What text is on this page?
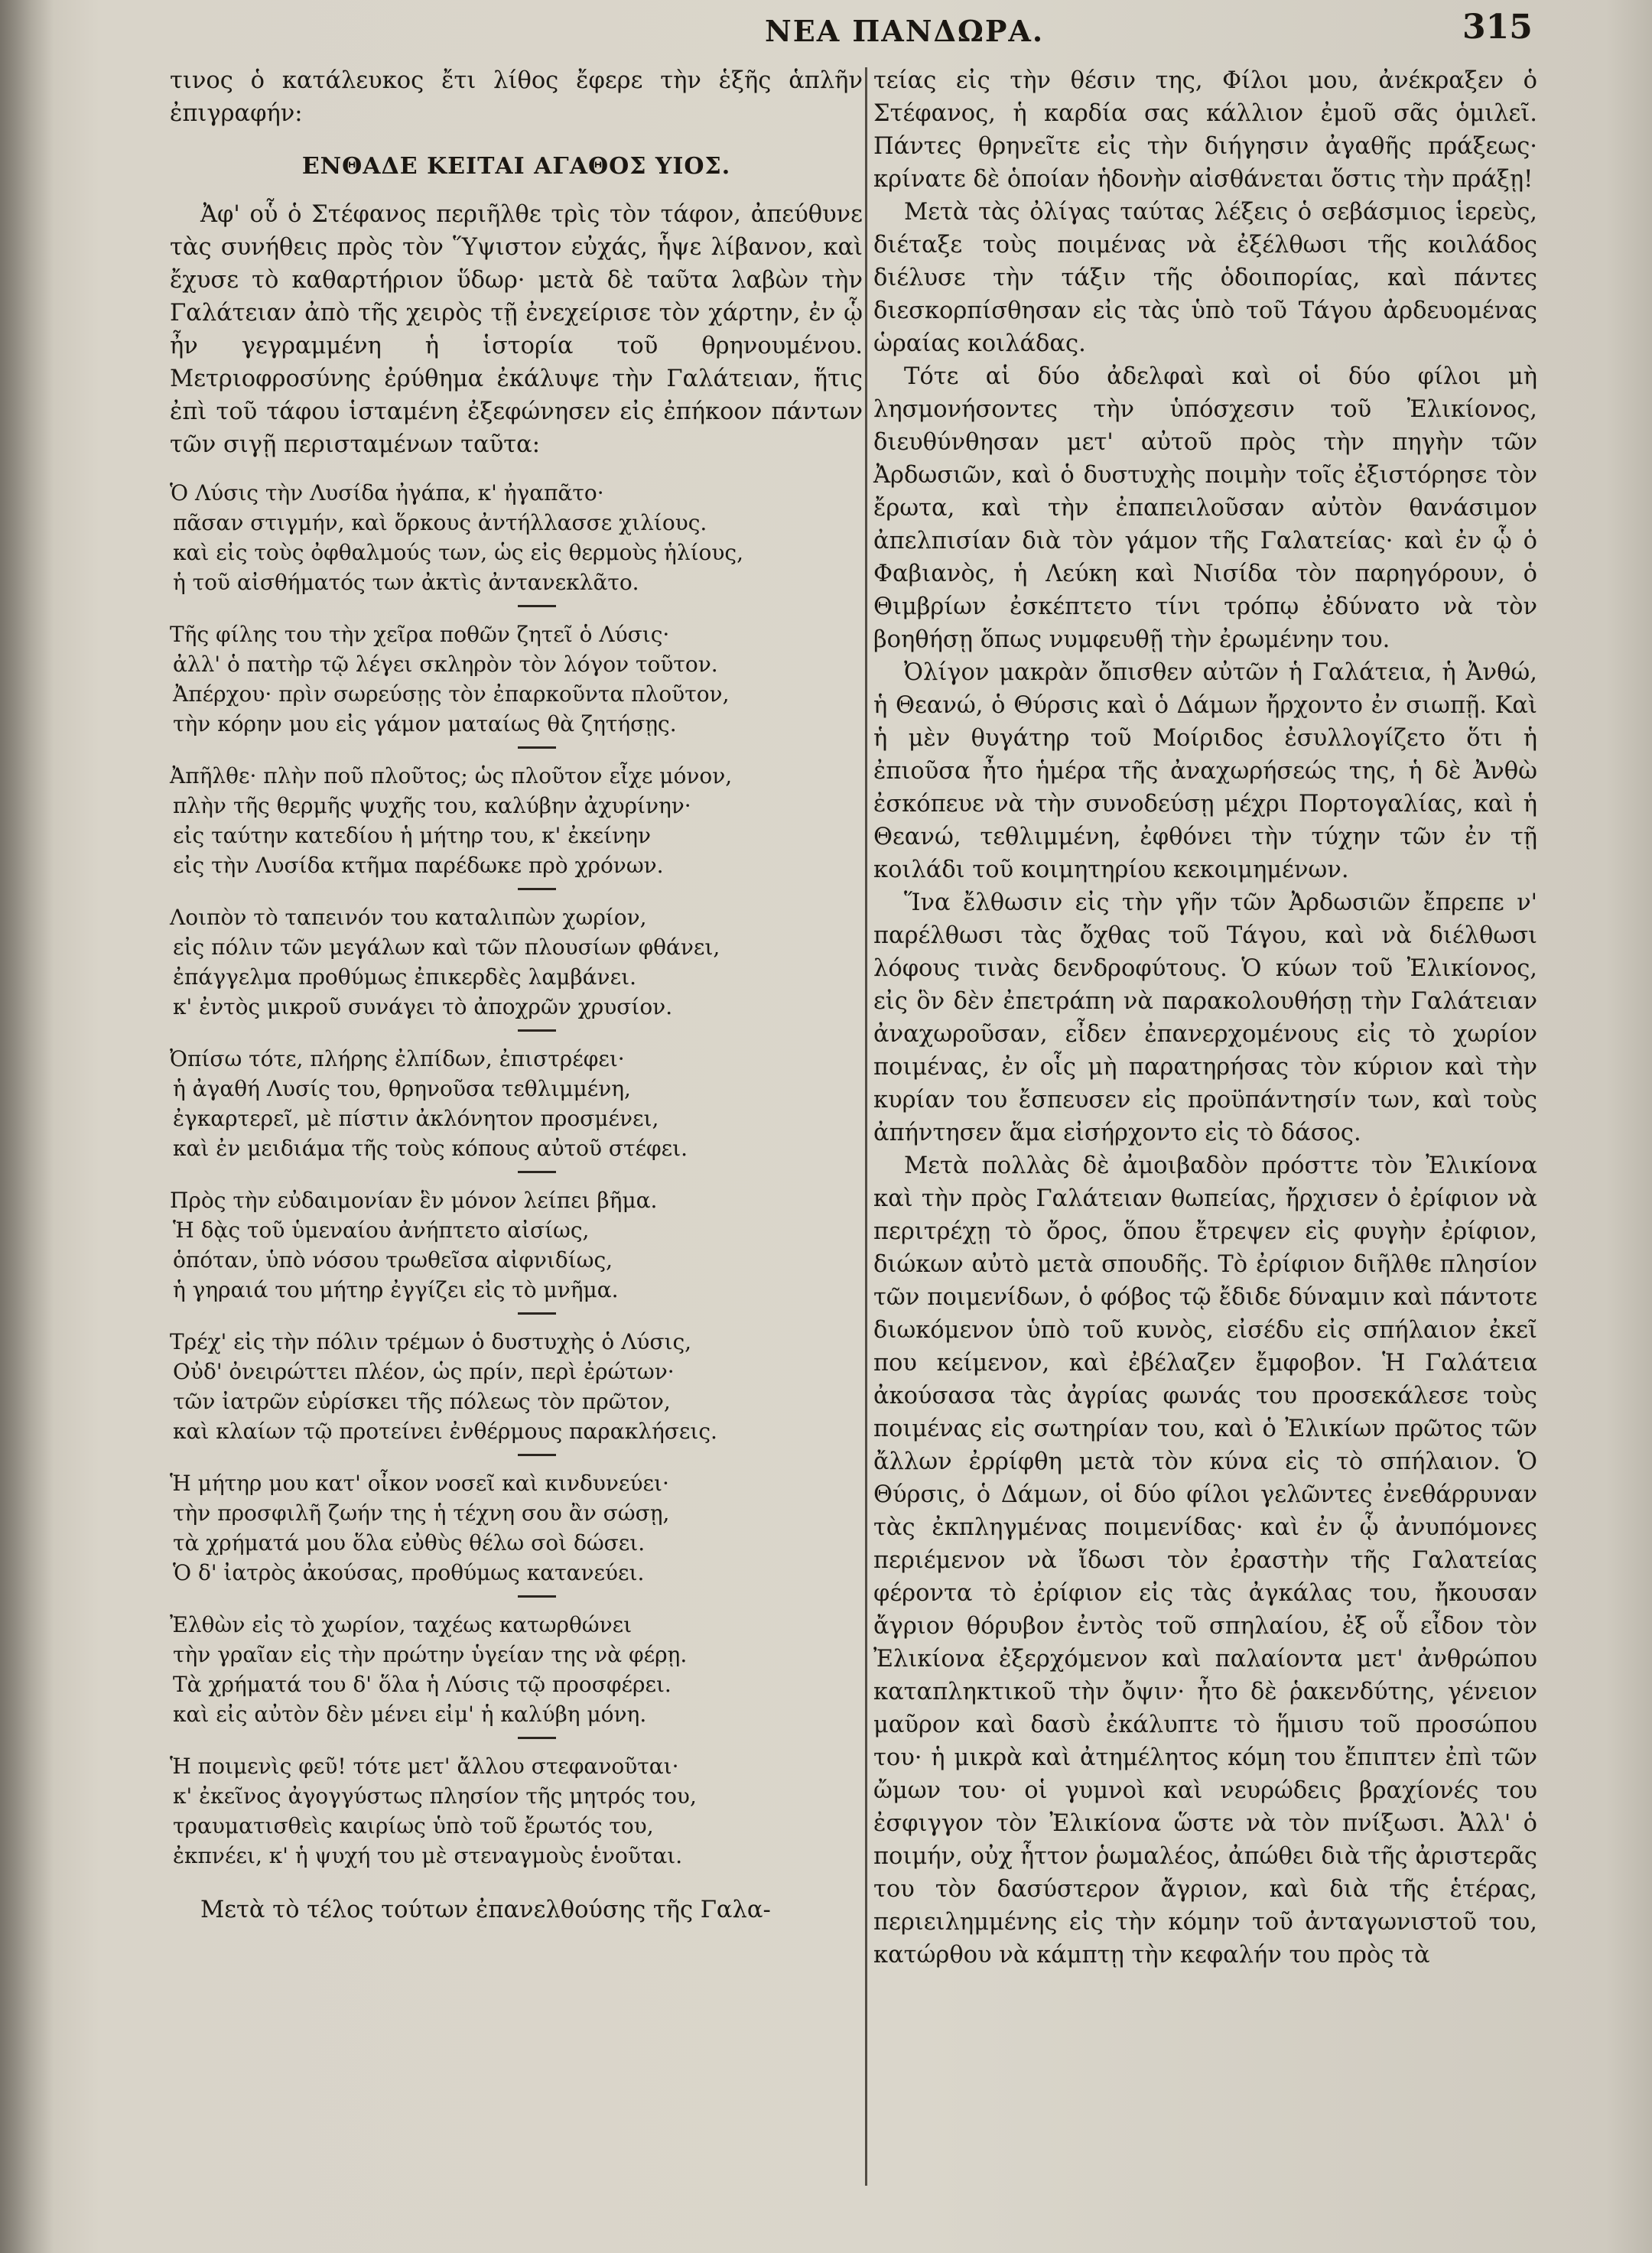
ΝΕΑ ΠΑΝΔΩΡΑ.	315

τινος ὁ κατάλευκος ἔτι λίθος ἔφερε τὴν ἑξῆς ἁπλῆν ἐπιγραφήν:

ΕΝΘΑΔΕ ΚΕΙΤΑΙ ΑΓΑΘΟΣ ΥΙΟΣ.

Ἀφ' οὗ ὁ Στέφανος περιῆλθε τρὶς τὸν τάφον, ἀπεύθυνε τὰς συνήθεις πρὸς τὸν Ὕψιστον εὐχάς, ἧψε λίβανον, καὶ ἔχυσε τὸ καθαρτήριον ὕδωρ· μετὰ δὲ ταῦτα λαβὼν τὴν Γαλάτειαν ἀπὸ τῆς χειρὸς τῇ ἐνεχείρισε τὸν χάρτην, ἐν ᾧ ἦν γεγραμμένη ἡ ἱστορία τοῦ θρηνουμένου. Μετριοφροσύνης ἐρύθημα ἐκάλυψε τὴν Γαλάτειαν, ἥτις ἐπὶ τοῦ τάφου ἱσταμένη ἐξεφώνησεν εἰς ἐπήκοον πάντων τῶν σιγῇ περισταμένων ταῦτα:

Ὁ Λύσις τὴν Λυσίδα ἠγάπα, κ' ἠγαπᾶτο·
πᾶσαν στιγμήν, καὶ ὅρκους ἀντήλλασσε χιλίους.
καὶ εἰς τοὺς ὀφθαλμούς των, ὡς εἰς θερμοὺς ἡλίους,
ἡ τοῦ αἰσθήματός των ἀκτὶς ἀντανεκλᾶτο.
Τῆς φίλης του τὴν χεῖρα ποθῶν ζητεῖ ὁ Λύσις·
ἀλλ' ὁ πατὴρ τῷ λέγει σκληρὸν τὸν λόγον τοῦτον.
Ἀπέρχου· πρὶν σωρεύσῃς τὸν ἐπαρκοῦντα πλοῦτον,
τὴν κόρην μου εἰς γάμον ματαίως θὰ ζητήσῃς.
Ἀπῆλθε· πλὴν ποῦ πλοῦτος; ὡς πλοῦτον εἶχε μόνον,
πλὴν τῆς θερμῆς ψυχῆς του, καλύβην ἀχυρίνην·
εἰς ταύτην κατεδίου ἡ μήτηρ του, κ' ἐκείνην
εἰς τὴν Λυσίδα κτῆμα παρέδωκε πρὸ χρόνων.
Λοιπὸν τὸ ταπεινόν του καταλιπὼν χωρίον,
εἰς πόλιν τῶν μεγάλων καὶ τῶν πλουσίων φθάνει,
ἐπάγγελμα προθύμως ἐπικερδὲς λαμβάνει.
κ' ἐντὸς μικροῦ συνάγει τὸ ἀποχρῶν χρυσίον.
Ὀπίσω τότε, πλήρης ἐλπίδων, ἐπιστρέφει·
ἡ ἀγαθή Λυσίς του, θρηνοῦσα τεθλιμμένη,
ἐγκαρτερεῖ, μὲ πίστιν ἀκλόνητον προσμένει,
καὶ ἐν μειδιάμα τῆς τοὺς κόπους αὐτοῦ στέφει.
Πρὸς τὴν εὐδαιμονίαν ἓν μόνον λείπει βῆμα.
Ἡ δᾲς τοῦ ὑμεναίου ἀνήπτετο αἰσίως,
ὁπόταν, ὑπὸ νόσου τρωθεῖσα αἰφνιδίως,
ἡ γηραιά του μήτηρ ἐγγίζει εἰς τὸ μνῆμα.
Τρέχ' εἰς τὴν πόλιν τρέμων ὁ δυστυχὴς ὁ Λύσις,
Οὐδ' ὀνειρώττει πλέον, ὡς πρίν, περὶ ἐρώτων·
τῶν ἰατρῶν εὑρίσκει τῆς πόλεως τὸν πρῶτον,
καὶ κλαίων τῷ προτείνει ἐνθέρμους παρακλήσεις.
Ἡ μήτηρ μου κατ' οἶκον νοσεῖ καὶ κινδυνεύει·
τὴν προσφιλῆ ζωήν της ἡ τέχνη σου ἂν σώσῃ,
τὰ χρήματά μου ὅλα εὐθὺς θέλω σοὶ δώσει.
Ὁ δ' ἰατρὸς ἀκούσας, προθύμως κατανεύει.
Ἐλθὼν εἰς τὸ χωρίον, ταχέως κατωρθώνει
τὴν γραῖαν εἰς τὴν πρώτην ὑγείαν της νὰ φέρῃ.
Τὰ χρήματά του δ' ὅλα ἡ Λύσις τῷ προσφέρει.
καὶ εἰς αὐτὸν δὲν μένει εἰμ' ἡ καλύβη μόνη.
Ἡ ποιμενὶς φεῦ! τότε μετ' ἄλλου στεφανοῦται·
κ' ἐκεῖνος ἀγογγύστως πλησίον τῆς μητρός του,
τραυματισθεὶς καιρίως ὑπὸ τοῦ ἔρωτός του,
ἐκπνέει, κ' ἡ ψυχή του μὲ στεναγμοὺς ἑνοῦται.

Μετὰ τὸ τέλος τούτων ἐπανελθούσης τῆς Γαλα-

τείας εἰς τὴν θέσιν της, Φίλοι μου, ἀνέκραξεν ὁ Στέφανος, ἡ καρδία σας κάλλιον ἐμοῦ σᾶς ὁμιλεῖ. Πάντες θρηνεῖτε εἰς τὴν διήγησιν ἀγαθῆς πράξεως· κρίνατε δὲ ὁποίαν ἡδονὴν αἰσθάνεται ὅστις τὴν πράξῃ!

Μετὰ τὰς ὀλίγας ταύτας λέξεις ὁ σεβάσμιος ἱερεὺς, διέταξε τοὺς ποιμένας νὰ ἐξέλθωσι τῆς κοιλάδος διέλυσε τὴν τάξιν τῆς ὁδοιπορίας, καὶ πάντες διεσκορπίσθησαν εἰς τὰς ὑπὸ τοῦ Τάγου ἀρδευομένας ὡραίας κοιλάδας.

Τότε αἱ δύο ἀδελφαὶ καὶ οἱ δύο φίλοι μὴ λησμονήσοντες τὴν ὑπόσχεσιν τοῦ Ἐλικίονος, διευθύνθησαν μετ' αὐτοῦ πρὸς τὴν πηγὴν τῶν Ἀρδωσιῶν, καὶ ὁ δυστυχὴς ποιμὴν τοῖς ἐξιστόρησε τὸν ἔρωτα, καὶ τὴν ἐπαπειλοῦσαν αὐτὸν θανάσιμον ἀπελπισίαν διὰ τὸν γάμον τῆς Γαλατείας· καὶ ἐν ᾧ ὁ Φαβιανὸς, ἡ Λεύκη καὶ Νισίδα τὸν παρηγόρουν, ὁ Θιμβρίων ἐσκέπτετο τίνι τρόπῳ ἐδύνατο νὰ τὸν βοηθήσῃ ὅπως νυμφευθῇ τὴν ἐρωμένην του.

Ὀλίγον μακρὰν ὄπισθεν αὐτῶν ἡ Γαλάτεια, ἡ Ἀνθώ, ἡ Θεανώ, ὁ Θύρσις καὶ ὁ Δάμων ἤρχοντο ἐν σιωπῇ. Καὶ ἡ μὲν θυγάτηρ τοῦ Μοίριδος ἐσυλλογίζετο ὅτι ἡ ἐπιοῦσα ἦτο ἡμέρα τῆς ἀναχωρήσεώς της, ἡ δὲ Ἀνθὼ ἐσκόπευε νὰ τὴν συνοδεύσῃ μέχρι Πορτογαλίας, καὶ ἡ Θεανώ, τεθλιμμένη, ἐφθόνει τὴν τύχην τῶν ἐν τῇ κοιλάδι τοῦ κοιμητηρίου κεκοιμημένων.

Ἵνα ἔλθωσιν εἰς τὴν γῆν τῶν Ἀρδωσιῶν ἔπρεπε ν' παρέλθωσι τὰς ὄχθας τοῦ Τάγου, καὶ νὰ διέλθωσι λόφους τινὰς δενδροφύτους. Ὁ κύων τοῦ Ἐλικίονος, εἰς ὃν δὲν ἐπετράπη νὰ παρακολουθήσῃ τὴν Γαλάτειαν ἀναχωροῦσαν, εἶδεν ἐπανερχομένους εἰς τὸ χωρίον ποιμένας, ἐν οἷς μὴ παρατηρήσας τὸν κύριον καὶ τὴν κυρίαν του ἔσπευσεν εἰς προϋπάντησίν των, καὶ τοὺς ἀπήντησεν ἅμα εἰσήρχοντο εἰς τὸ δάσος.

Μετὰ πολλὰς δὲ ἀμοιβαδὸν πρόσττε τὸν Ἐλικίονα καὶ τὴν πρὸς Γαλάτειαν θωπείας, ἤρχισεν ὁ ἐρίφιον νὰ περιτρέχῃ τὸ ὄρος, ὅπου ἔτρεψεν εἰς φυγὴν ἐρίφιον, διώκων αὐτὸ μετὰ σπουδῆς. Τὸ ἐρίφιον διῆλθε πλησίον τῶν ποιμενίδων, ὁ φόβος τῷ ἔδιδε δύναμιν καὶ πάντοτε διωκόμενον ὑπὸ τοῦ κυνὸς, εἰσέδυ εἰς σπήλαιον ἐκεῖ που κείμενον, καὶ ἐβέλαζεν ἔμφοβον. Ἡ Γαλάτεια ἀκούσασα τὰς ἀγρίας φωνάς του προσεκάλεσε τοὺς ποιμένας εἰς σωτηρίαν του, καὶ ὁ Ἐλικίων πρῶτος τῶν ἄλλων ἐρρίφθη μετὰ τὸν κύνα εἰς τὸ σπήλαιον. Ὁ Θύρσις, ὁ Δάμων, οἱ δύο φίλοι γελῶντες ἐνεθάρρυναν τὰς ἐκπληγμένας ποιμενίδας· καὶ ἐν ᾧ ἀνυπόμονες περιέμενον νὰ ἴδωσι τὸν ἐραστὴν τῆς Γαλατείας φέροντα τὸ ἐρίφιον εἰς τὰς ἀγκάλας του, ἤκουσαν ἄγριον θόρυβον ἐντὸς τοῦ σπηλαίου, ἐξ οὗ εἶδον τὸν Ἐλικίονα ἐξερχόμενον καὶ παλαίοντα μετ' ἀνθρώπου καταπληκτικοῦ τὴν ὄψιν· ἦτο δὲ ῥακενδύτης, γένειον μαῦρον καὶ δασὺ ἐκάλυπτε τὸ ἥμισυ τοῦ προσώπου του· ἡ μικρὰ καὶ ἀτημέλητος κόμη του ἔπιπτεν ἐπὶ τῶν ὤμων του· οἱ γυμνοὶ καὶ νευρώδεις βραχίονές του ἐσφιγγον τὸν Ἐλικίονα ὥστε νὰ τὸν πνίξωσι. Ἀλλ' ὁ ποιμήν, οὐχ ἧττον ῥωμαλέος, ἀπώθει διὰ τῆς ἀριστερᾶς του τὸν δασύστερον ἄγριον, καὶ διὰ τῆς ἑτέρας, περιειλημμένης εἰς τὴν κόμην τοῦ ἀνταγωνιστοῦ του, κατώρθου νὰ κάμπτῃ τὴν κεφαλήν του πρὸς τὰ
